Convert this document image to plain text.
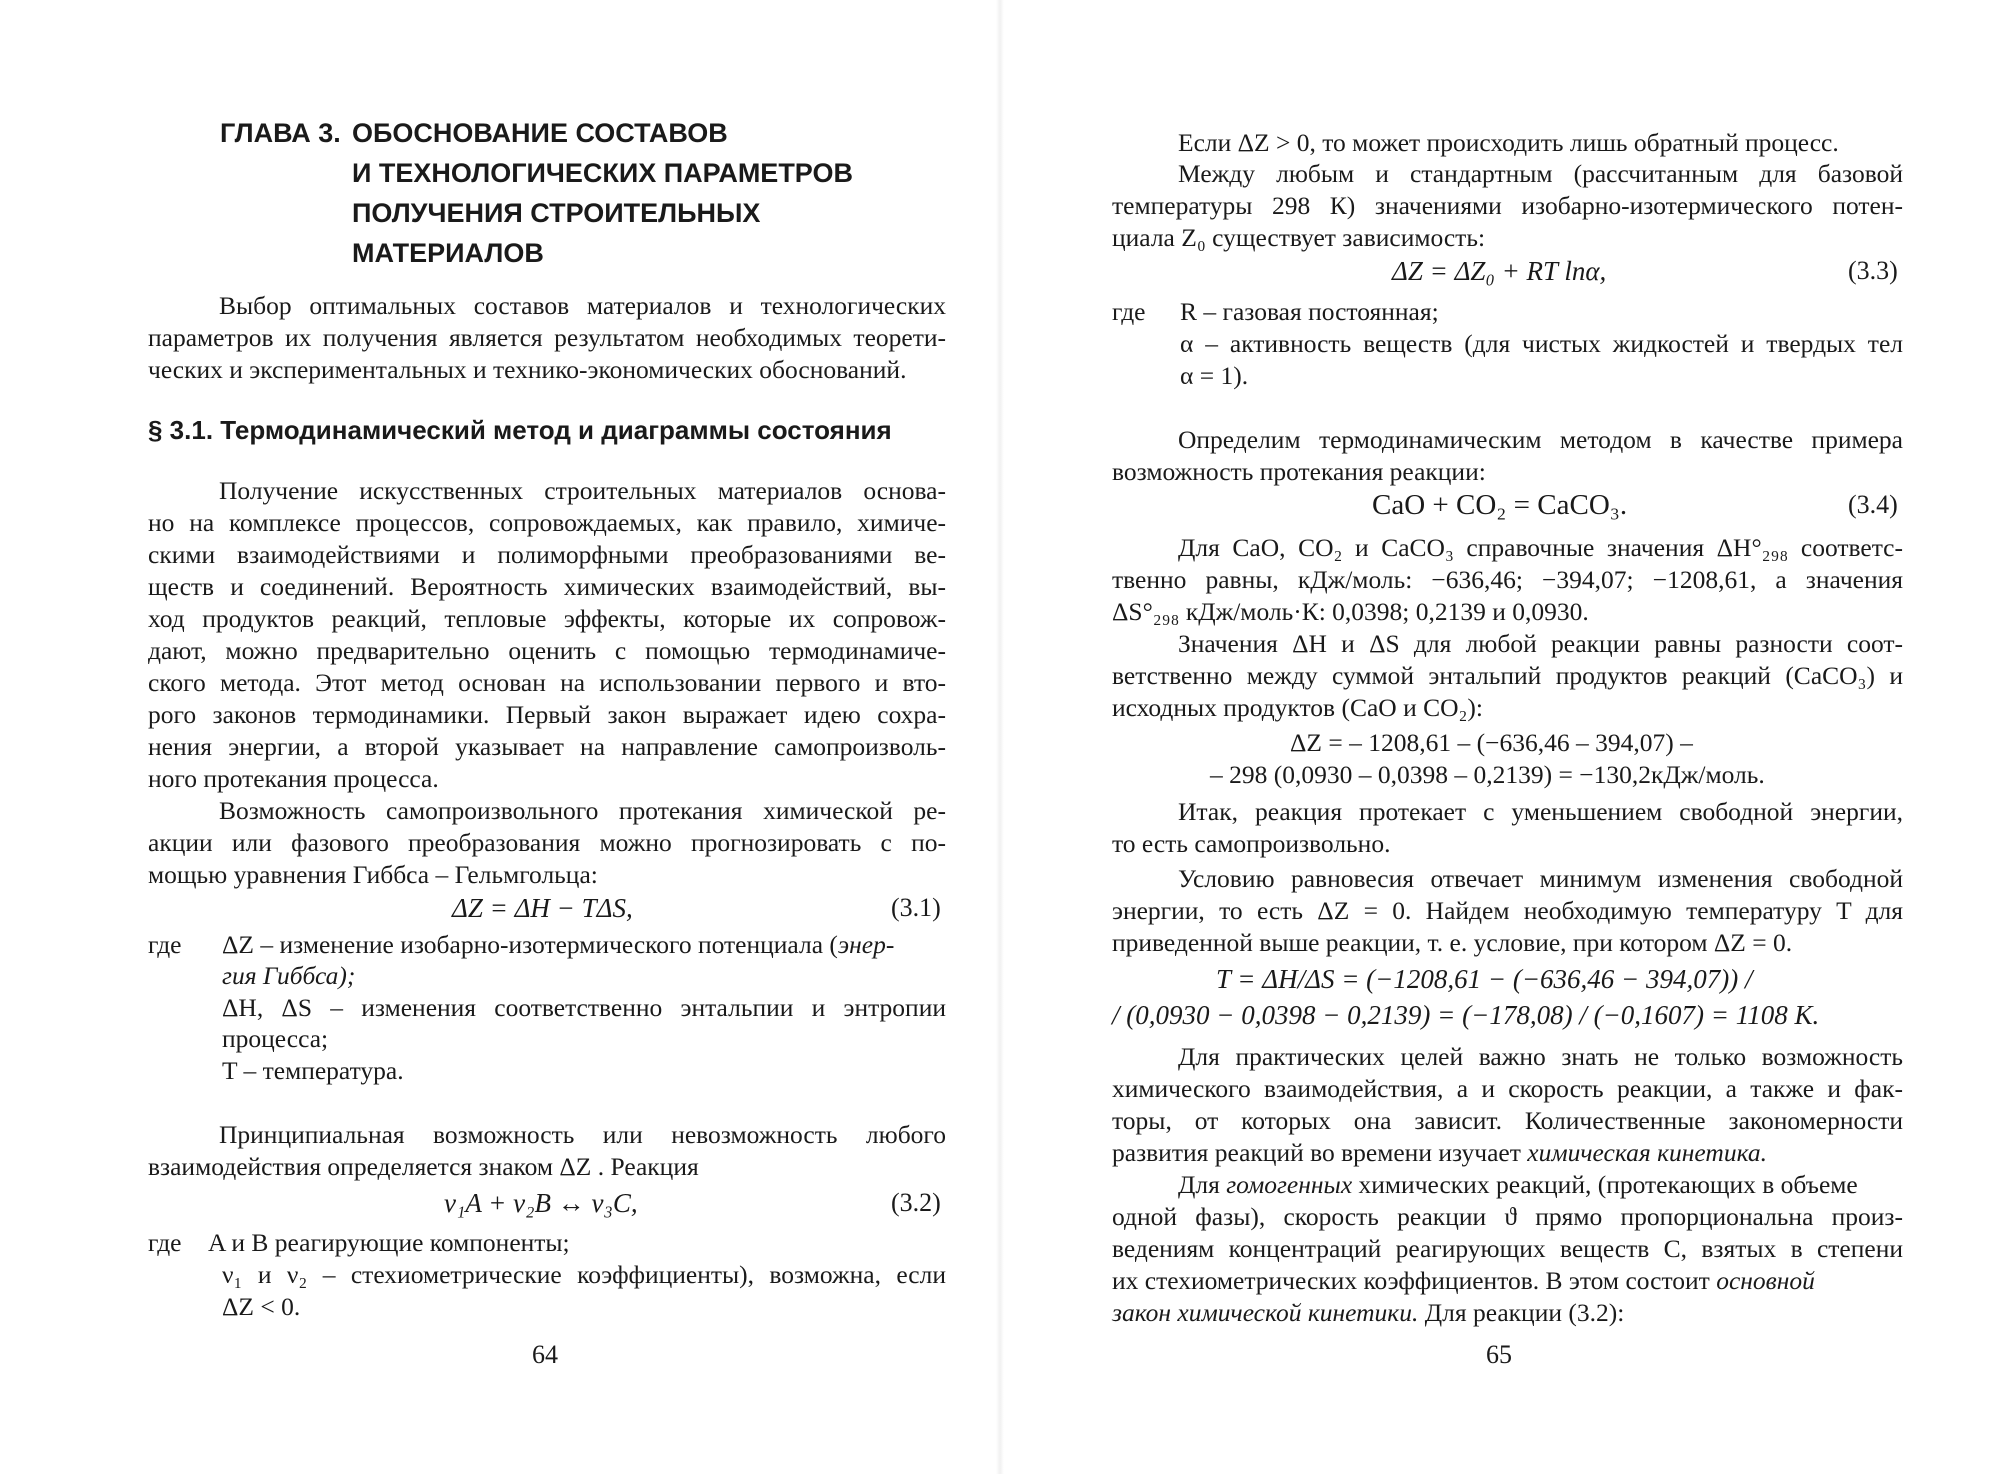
ГЛАВА 3. ОБОСНОВАНИЕ СОСТАВОВ
И ТЕХНОЛОГИЧЕСКИХ ПАРАМЕТРОВ
ПОЛУЧЕНИЯ СТРОИТЕЛЬНЫХ
МАТЕРИАЛОВ
Выбор оптимальных составов материалов и технологических
параметров их получения является результатом необходимых теорети-
ческих и экспериментальных и технико-экономических обоснований.
§ 3.1. Термодинамический метод и диаграммы состояния
Получение искусственных строительных материалов основа-
но на комплексе процессов, сопровождаемых, как правило, химиче-
скими взаимодействиями и полиморфными преобразованиями ве-
ществ и соединений. Вероятность химических взаимодействий, вы-
ход продуктов реакций, тепловые эффекты, которые их сопровож-
дают, можно предварительно оценить с помощью термодинамиче-
ского метода. Этот метод основан на использовании первого и вто-
рого законов термодинамики. Первый закон выражает идею сохра-
нения энергии, а второй указывает на направление самопроизволь-
ного протекания процесса.
Возможность самопроизвольного протекания химической ре-
акции или фазового преобразования можно прогнозировать с по-
мощью уравнения Гиббса – Гельмгольца:
ΔZ = ΔH − TΔS,	(3.1)
где ΔZ – изменение изобарно-изотермического потенциала (энер-
гия Гиббса);
ΔH, ΔS – изменения соответственно энтальпии и энтропии
процесса;
T – температура.
Принципиальная возможность или невозможность любого
взаимодействия определяется знаком ΔZ . Реакция
ν₁A + ν₂B ↔ ν₃C,	(3.2)
где A и B реагирующие компоненты;
ν₁ и ν₂ – стехиометрические коэффициенты), возможна, если
ΔZ < 0.
64
Если ΔZ > 0, то может происходить лишь обратный процесс.
Между любым и стандартным (рассчитанным для базовой
температуры 298 К) значениями изобарно-изотермического потен-
циала Z₀ существует зависимость:
ΔZ = ΔZ₀ + RT lnα,	(3.3)
где R – газовая постоянная;
α – активность веществ (для чистых жидкостей и твердых тел
α = 1).
Определим термодинамическим методом в качестве примера
возможность протекания реакции:
CaO + CO₂ = CaCO₃.	(3.4)
Для CaO, CO₂ и CaCO₃ справочные значения ΔH°₂₉₈ соответс-
твенно равны, кДж/моль: −636,46; −394,07; −1208,61, а значения
ΔS°₂₉₈ кДж/моль·К: 0,0398; 0,2139 и 0,0930.
Значения ΔH и ΔS для любой реакции равны разности соот-
ветственно между суммой энтальпий продуктов реакций (CaCO₃) и
исходных продуктов (CaO и CO₂):
ΔZ = – 1208,61 – (−636,46 – 394,07) –
– 298 (0,0930 – 0,0398 – 0,2139) = −130,2кДж/моль.
Итак, реакция протекает с уменьшением свободной энергии,
то есть самопроизвольно.
Условию равновесия отвечает минимум изменения свободной
энергии, то есть ΔZ = 0. Найдем необходимую температуру T для
приведенной выше реакции, т. е. условие, при котором ΔZ = 0.
T = ΔH/ΔS = (−1208,61 − (−636,46 − 394,07)) /
/ (0,0930 − 0,0398 − 0,2139) = (−178,08) / (−0,1607) = 1108 К.
Для практических целей важно знать не только возможность
химического взаимодействия, а и скорость реакции, а также и фак-
торы, от которых она зависит. Количественные закономерности
развития реакций во времени изучает химическая кинетика.
Для гомогенных химических реакций, (протекающих в объеме
одной фазы), скорость реакции ϑ прямо пропорциональна произ-
ведениям концентраций реагирующих веществ C, взятых в степени
их стехиометрических коэффициентов. В этом состоит основной
закон химической кинетики. Для реакции (3.2):
65
